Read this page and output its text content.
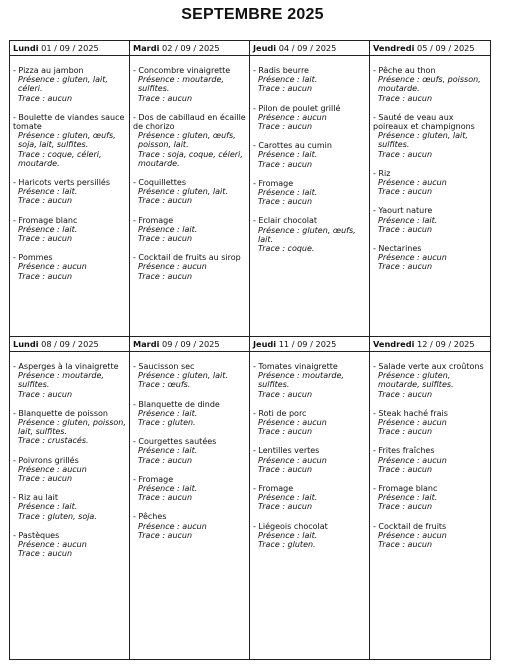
SEPTEMBRE 2025
Lundi 01 / 09 / 2025
- Pizza au jambon
Présence : gluten, lait, céleri.
Trace : aucun
- Boulette de viandes sauce tomate
Présence : gluten, œufs, soja, lait, sulfites.
Trace : coque, céleri, moutarde.
- Haricots verts persillés
Présence : lait.
Trace : aucun
- Fromage blanc
Présence : lait.
Trace : aucun
- Pommes
Présence : aucun
Trace : aucun
Mardi 02 / 09 / 2025
- Concombre vinaigrette
Présence : moutarde, sulfites.
Trace : aucun
- Dos de cabillaud en écaille de chorizo
Présence : gluten, œufs, poisson, lait.
Trace : soja, coque, céleri, moutarde.
- Coquillettes
Présence : gluten, lait.
Trace : aucun
- Fromage
Présence : lait.
Trace : aucun
- Cocktail de fruits au sirop
Présence : aucun
Trace : aucun
Jeudi 04 / 09 / 2025
- Radis beurre
Présence : lait.
Trace : aucun
- Pilon de poulet grillé
Présence : aucun
Trace : aucun
- Carottes au cumin
Présence : lait.
Trace : aucun
- Fromage
Présence : lait.
Trace : aucun
- Eclair chocolat
Présence : gluten, œufs, lait.
Trace : coque.
Vendredi 05 / 09 / 2025
- Pêche au thon
Présence : œufs, poisson, moutarde.
Trace : aucun
- Sauté de veau aux poireaux et champignons
Présence : gluten, lait, sulfites.
Trace : aucun
- Riz
Présence : aucun
Trace : aucun
- Yaourt nature
Présence : lait.
Trace : aucun
- Nectarines
Présence : aucun
Trace : aucun
Lundi 08 / 09 / 2025
- Asperges à la vinaigrette
Présence : moutarde, sulfites.
Trace : aucun
- Blanquette de poisson
Présence : gluten, poisson, lait, sulfites.
Trace : crustacés.
- Poivrons grillés
Présence : aucun
Trace : aucun
- Riz au lait
Présence : lait.
Trace : gluten, soja.
- Pastèques
Présence : aucun
Trace : aucun
Mardi 09 / 09 / 2025
- Saucisson sec
Présence : gluten, lait.
Trace : œufs.
- Blanquette de dinde
Présence : lait.
Trace : gluten.
- Courgettes sautées
Présence : lait.
Trace : aucun
- Fromage
Présence : lait.
Trace : aucun
- Pêches
Présence : aucun
Trace : aucun
Jeudi 11 / 09 / 2025
- Tomates vinaigrette
Présence : moutarde, sulfites.
Trace : aucun
- Roti de porc
Présence : aucun
Trace : aucun
- Lentilles vertes
Présence : aucun
Trace : aucun
- Fromage
Présence : lait.
Trace : aucun
- Liégeois chocolat
Présence : lait.
Trace : gluten.
Vendredi 12 / 09 / 2025
- Salade verte aux croûtons
Présence : gluten, moutarde, sulfites.
Trace : aucun
- Steak haché frais
Présence : aucun
Trace : aucun
- Frites fraîches
Présence : aucun
Trace : aucun
- Fromage blanc
Présence : lait.
Trace : aucun
- Cocktail de fruits
Présence : aucun
Trace : aucun
